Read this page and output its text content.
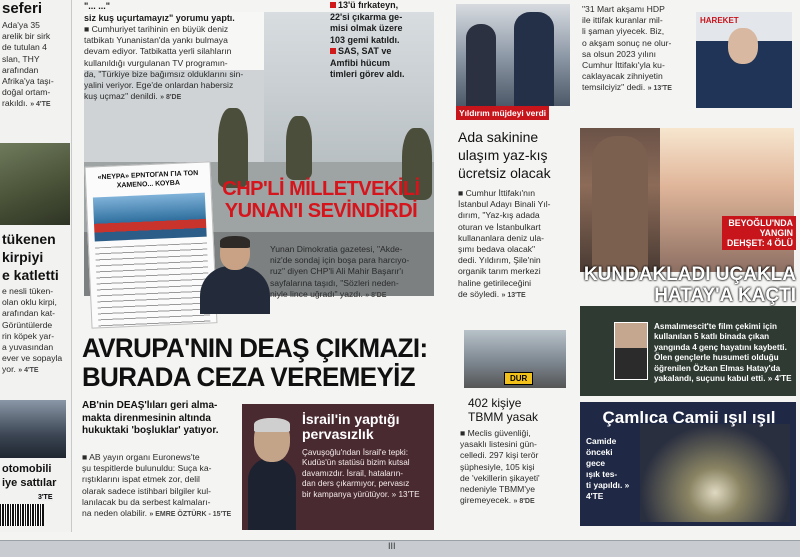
seferi
Ada'ya 35
arelik bir sirk
de tutulan 4
slan, THY
arafından
Afrika'ya taşı-
doğal ortam-
rakıldı. » 4'TE
tükenen
kirpiyi
e katletti
e nesli tüken-
olan oklu kirpi,
arafından kat-
Görüntülerde
rin köpek yar-
a yuvasından
ever ve sopayla
yor. » 4'TE
otomobili
iye sattılar
3'TE
"... ..."
siz kuş uçurtamayız" yorumu yaptı.
■ Cumhuriyet tarihinin en büyük deniz
tatbikatı Yunanistan'da yankı bulmaya
devam ediyor. Tatbikatta yerli silahların
kullanıldığı vurgulanan TV programın-
da, "Türkiye bize bağımsız olduklarını sin-
yalini veriyor. Ege'de onlardan habersiz
kuş uçmaz" denildi. » 8'DE
13'ü fırkateyn,
22'si çıkarma ge-
misi olmak üzere
103 gemi katıldı.
SAS, SAT ve
Amfibi hücum
timleri görev aldı.
«ΝΕΥΡΑ» ΕΡΝΤΟΓΑΝ ΓΙΑ ΤΟΝ ΧΑΜΕΝΟ... ΚΟΥΒΑ	CHP'Lİ MİLLETVEKİLİ
YUNAN'I SEVİNDİRDİ
Yunan Dimokratia gazetesi, "Akde-
niz'de sondaj için boşa para harcıyo-
ruz" diyen CHP'li Ali Mahir Başarır'ı
sayfalarına taşıdı, "Sözleri neden-
niyle lince uğradı" yazdı. » 8'DE
AVRUPA'NIN DEAŞ ÇIKMAZI:
BURADA CEZA VEREMEYİZ
AB'nin DEAŞ'lıları geri alma-
makta direnmesinin altında
hukuktaki 'boşluklar' yatıyor.
■ AB yayın organı Euronews'te
şu tespitlerde bulunuldu: Suça ka-
rıştıklarını ispat etmek zor, delil
olarak sadece istihbari bilgiler kul-
lanılacak bu da serbest kalmaları-
na neden olabilir. » EMRE ÖZTÜRK - 15'TE
İsrail'in yaptığı
pervasızlık
Çavuşoğlu'ndan İsrail'e tepki:
Kudüs'ün statüsü bizim kutsal
davamızdır. İsrail, hataların-
dan ders çıkarmıyor, pervasız
bir kampanya yürütüyor. » 13'TE
Yıldırım müjdeyi verdi
Ada sakinine
ulaşım yaz-kış
ücretsiz olacak
■ Cumhur İttifakı'nın
İstanbul Adayı Binali Yıl-
dırım, "Yaz-kış adada
oturan ve İstanbulkart
kullananlara deniz ula-
şımı bedava olacak"
dedi. Yıldırım, Şile'nin
organik tarım merkezi
haline getirileceğini
de söyledi. » 13'TE
DUR
402 kişiye
TBMM yasak
■ Meclis güvenliği,
yasaklı listesini gün-
celledi. 297 kişi terör
şüphesiyle, 105 kişi
de 'vekillerin şikayeti'
nedeniyle TBMM'ye
giremeyecek. » 8'DE
"31 Mart akşamı HDP
ile ittifak kuranlar mil-
li şaman yiyecek. Biz,
o akşam sonuç ne olur-
sa olsun 2023 yılını
Cumhur İttifakı'yla ku-
caklayacak zihniyetin
temsilciyiz" dedi. » 13'TE
HAREKET
BEYOĞLU'NDA
YANGIN
DEHŞET: 4 ÖLÜ
KUNDAKLADI UÇAKLA
HATAY'A KAÇTI
Asmalımescit'te film çekimi için
kullanılan 5 katlı binada çıkan
yangında 4 genç hayatını kaybetti.
Ölen gençlerle husumeti olduğu
öğrenilen Özkan Elmas Hatay'da
yakalandı, suçunu kabul etti. » 4'TE
Çamlıca Camii ışıl ışıl
Camide
önceki
gece
ışık tes-
ti yapıldı. » 4'TE
III
